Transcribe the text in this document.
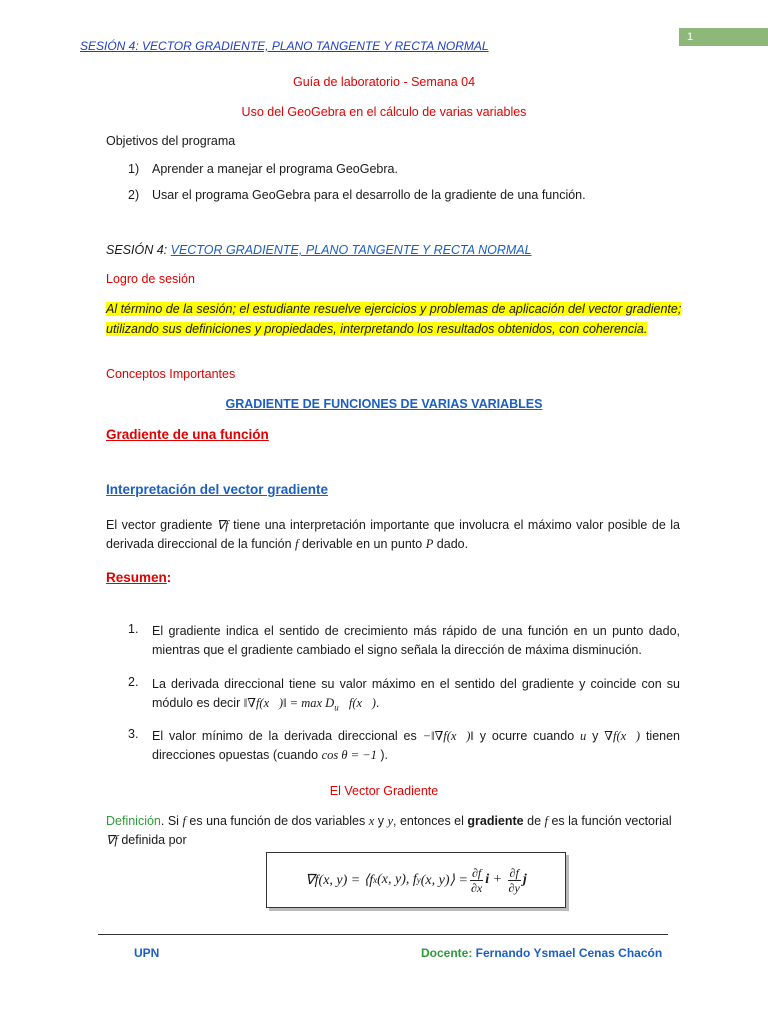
SESIÓN 4: VECTOR GRADIENTE, PLANO TANGENTE Y RECTA NORMAL
1
Guía de laboratorio - Semana 04
Uso del GeoGebra en el cálculo de varias variables
Objetivos del programa
1) Aprender a manejar el programa GeoGebra.
2) Usar el programa GeoGebra para el desarrollo de la gradiente de una función.
SESIÓN 4: VECTOR GRADIENTE, PLANO TANGENTE Y RECTA NORMAL
Logro de sesión
Al término de la sesión; el estudiante resuelve ejercicios y problemas de aplicación del vector gradiente;
utilizando sus definiciones y propiedades, interpretando los resultados obtenidos, con coherencia.
Conceptos Importantes
GRADIENTE DE FUNCIONES DE VARIAS VARIABLES
Gradiente de una función
Interpretación del vector gradiente
El vector gradiente ∇f tiene una interpretación importante que involucra el máximo valor posible de la derivada direccional de la función f derivable en un punto P dado.
Resumen:
1. El gradiente indica el sentido de crecimiento más rápido de una función en un punto dado, mientras que el gradiente cambiado el signo señala la dirección de máxima disminución.
2. La derivada direccional tiene su valor máximo en el sentido del gradiente y coincide con su módulo es decir ‖∇f(x⃗)‖ = $\max D_{u⃗}$ f(x⃗).
3. El valor mínimo de la derivada direccional es −‖∇f(x⃗)‖ y ocurre cuando u y ∇f(x⃗) tienen direcciones opuestas (cuando cos θ = −1 ).
El Vector Gradiente
Definición. Si f es una función de dos variables x y y, entonces el gradiente de f es la función vectorial
∇f definida por
∇f(x, y) = ⟨f x (x, y), f y (x, y)⟩ = $\frac{\partial f}{\partial x}$ $i + \frac{\partial f}{\partial y}$ j
UPN	Docente: Fernando Ysmael Cenas Chacón
